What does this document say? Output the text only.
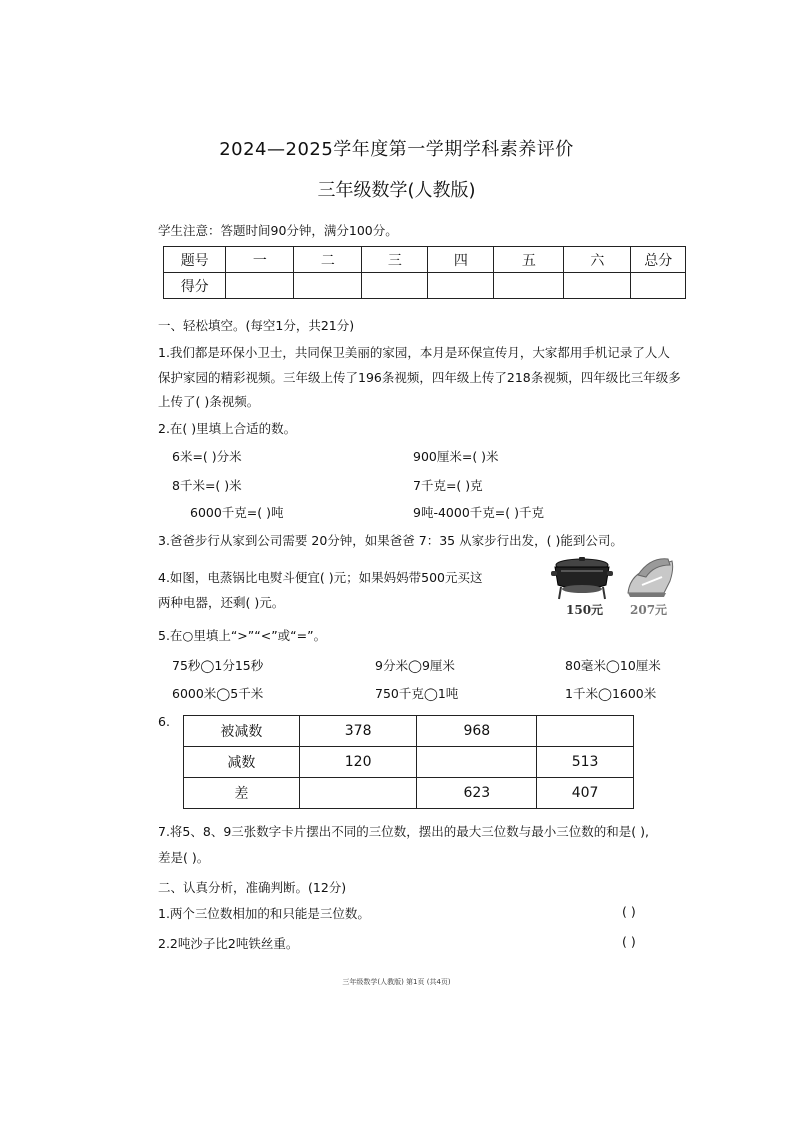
2024—2025学年度第一学期学科素养评价
三年级数学(人教版)
学生注意：答题时间90分钟，满分100分。
题号	一	二	三	四	五	六	总分
得分							
一、轻松填空。(每空1分，共21分)
1.我们都是环保小卫士，共同保卫美丽的家园，本月是环保宣传月，大家都用手机记录了人人
保护家园的精彩视频。三年级上传了196条视频，四年级上传了218条视频，四年级比三年级多
上传了( )条视频。
2.在( )里填上合适的数。
6米=( )分米	900厘米=( )米
8千米=( )米	7千克=( )克
6000千克=( )吨	9吨-4000千克=( )千克
3.爸爸步行从家到公司需要 20分钟，如果爸爸 7：35 从家步行出发，( )能到公司。
4.如图，电蒸锅比电熨斗便宜( )元；如果妈妈带500元买这
两种电器，还剩( )元。	150元 207元
5.在○里填上“>”“<”或“=”。
75秒◯1分15秒	9分米◯9厘米	80毫米◯10厘米
6000米◯5千米	750千克◯1吨	1千米◯1600米
6.
被减数	378	968	
减数	120		513
差		623	407
7.将5、8、9三张数字卡片摆出不同的三位数，摆出的最大三位数与最小三位数的和是( ),
差是( )。
二、认真分析，准确判断。(12分)
1.两个三位数相加的和只能是三位数。	( )
2.2吨沙子比2吨铁丝重。	( )
三年级数学(人教版) 第1页 (共4页)
